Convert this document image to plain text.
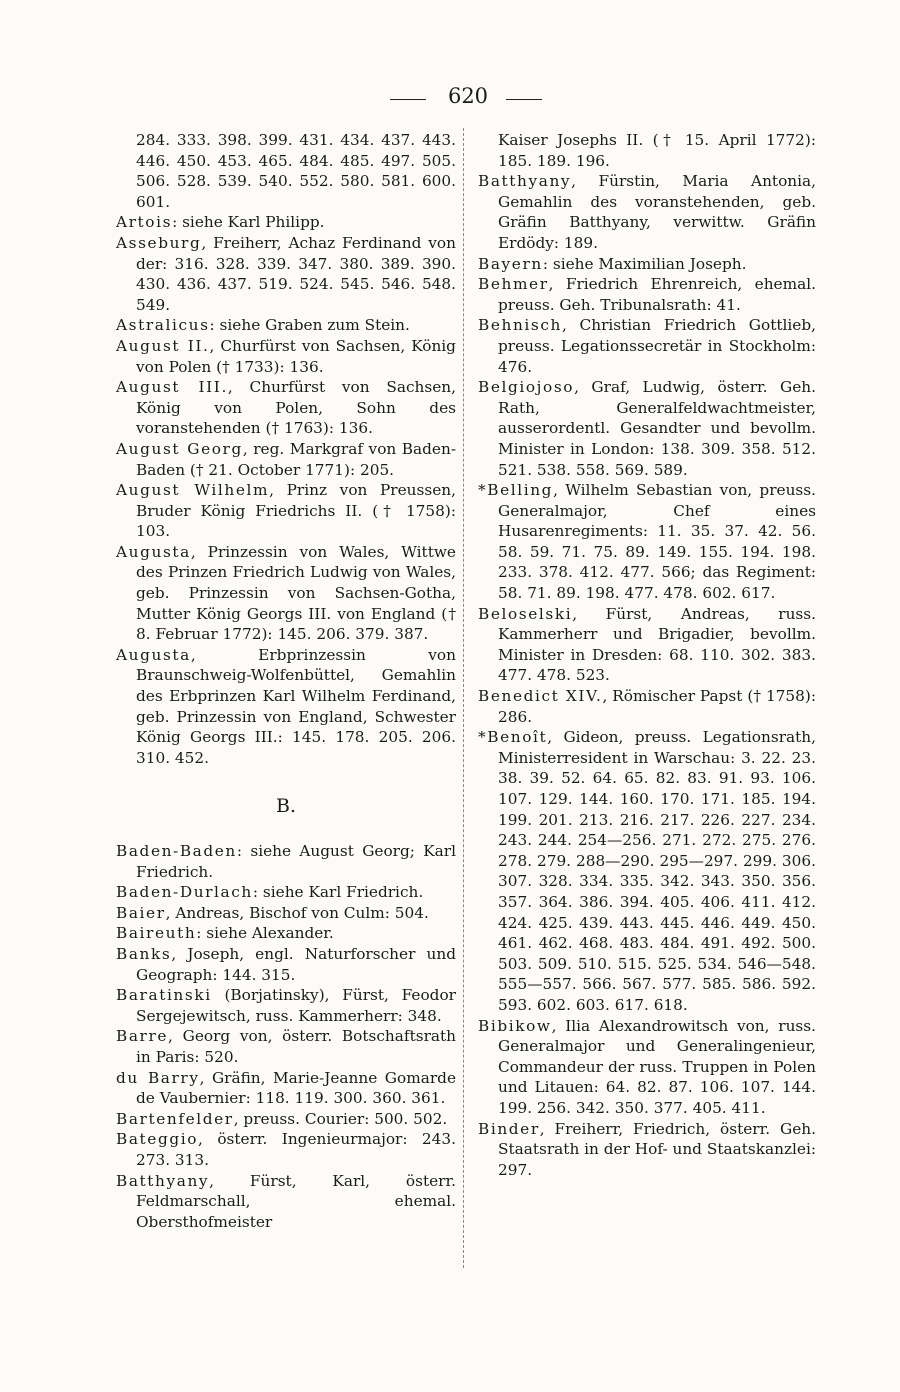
620
284. 333. 398. 399. 431. 434. 437. 443. 446. 450. 453. 465. 484. 485. 497. 505. 506. 528. 539. 540. 552. 580. 581. 600. 601.
Artois: siehe Karl Philipp.
Asseburg, Freiherr, Achaz Ferdinand von der: 316. 328. 339. 347. 380. 389. 390. 430. 436. 437. 519. 524. 545. 546. 548. 549.
Astralicus: siehe Graben zum Stein.
August II., Churfürst von Sachsen, König von Polen († 1733): 136.
August III., Churfürst von Sachsen, König von Polen, Sohn des voranstehenden († 1763): 136.
August Georg, reg. Markgraf von Baden-Baden († 21. October 1771): 205.
August Wilhelm, Prinz von Preussen, Bruder König Friedrichs II. († 1758): 103.
Augusta, Prinzessin von Wales, Wittwe des Prinzen Friedrich Ludwig von Wales, geb. Prinzessin von Sachsen-Gotha, Mutter König Georgs III. von England († 8. Februar 1772): 145. 206. 379. 387.
Augusta, Erbprinzessin von Braunschweig-Wolfenbüttel, Gemahlin des Erbprinzen Karl Wilhelm Ferdinand, geb. Prinzessin von England, Schwester König Georgs III.: 145. 178. 205. 206. 310. 452.
B.
Baden-Baden: siehe August Georg; Karl Friedrich.
Baden-Durlach: siehe Karl Friedrich.
Baier, Andreas, Bischof von Culm: 504.
Baireuth: siehe Alexander.
Banks, Joseph, engl. Naturforscher und Geograph: 144. 315.
Baratinski (Borjatinsky), Fürst, Feodor Sergejewitsch, russ. Kammerherr: 348.
Barre, Georg von, österr. Botschaftsrath in Paris: 520.
du Barry, Gräfin, Marie-Jeanne Gomarde de Vaubernier: 118. 119. 300. 360. 361.
Bartenfelder, preuss. Courier: 500. 502.
Bateggio, österr. Ingenieurmajor: 243. 273. 313.
Batthyany, Fürst, Karl, österr. Feldmarschall, ehemal. Obersthofmeister
Kaiser Josephs II. († 15. April 1772): 185. 189. 196.
Batthyany, Fürstin, Maria Antonia, Gemahlin des voranstehenden, geb. Gräfin Batthyany, verwittw. Gräfin Erdödy: 189.
Bayern: siehe Maximilian Joseph.
Behmer, Friedrich Ehrenreich, ehemal. preuss. Geh. Tribunalsrath: 41.
Behnisch, Christian Friedrich Gottlieb, preuss. Legationssecretär in Stockholm: 476.
Belgiojoso, Graf, Ludwig, österr. Geh. Rath, Generalfeldwachtmeister, ausserordentl. Gesandter und bevollm. Minister in London: 138. 309. 358. 512. 521. 538. 558. 569. 589.
*Belling, Wilhelm Sebastian von, preuss. Generalmajor, Chef eines Husarenregiments: 11. 35. 37. 42. 56. 58. 59. 71. 75. 89. 149. 155. 194. 198. 233. 378. 412. 477. 566; das Regiment: 58. 71. 89. 198. 477. 478. 602. 617.
Beloselski, Fürst, Andreas, russ. Kammerherr und Brigadier, bevollm. Minister in Dresden: 68. 110. 302. 383. 477. 478. 523.
Benedict XIV., Römischer Papst († 1758): 286.
*Benoît, Gideon, preuss. Legationsrath, Ministerresident in Warschau: 3. 22. 23. 38. 39. 52. 64. 65. 82. 83. 91. 93. 106. 107. 129. 144. 160. 170. 171. 185. 194. 199. 201. 213. 216. 217. 226. 227. 234. 243. 244. 254—256. 271. 272. 275. 276. 278. 279. 288—290. 295—297. 299. 306. 307. 328. 334. 335. 342. 343. 350. 356. 357. 364. 386. 394. 405. 406. 411. 412. 424. 425. 439. 443. 445. 446. 449. 450. 461. 462. 468. 483. 484. 491. 492. 500. 503. 509. 510. 515. 525. 534. 546—548. 555—557. 566. 567. 577. 585. 586. 592. 593. 602. 603. 617. 618.
Bibikow, Ilia Alexandrowitsch von, russ. Generalmajor und Generalingenieur, Commandeur der russ. Truppen in Polen und Litauen: 64. 82. 87. 106. 107. 144. 199. 256. 342. 350. 377. 405. 411.
Binder, Freiherr, Friedrich, österr. Geh. Staatsrath in der Hof- und Staatskanzlei: 297.
